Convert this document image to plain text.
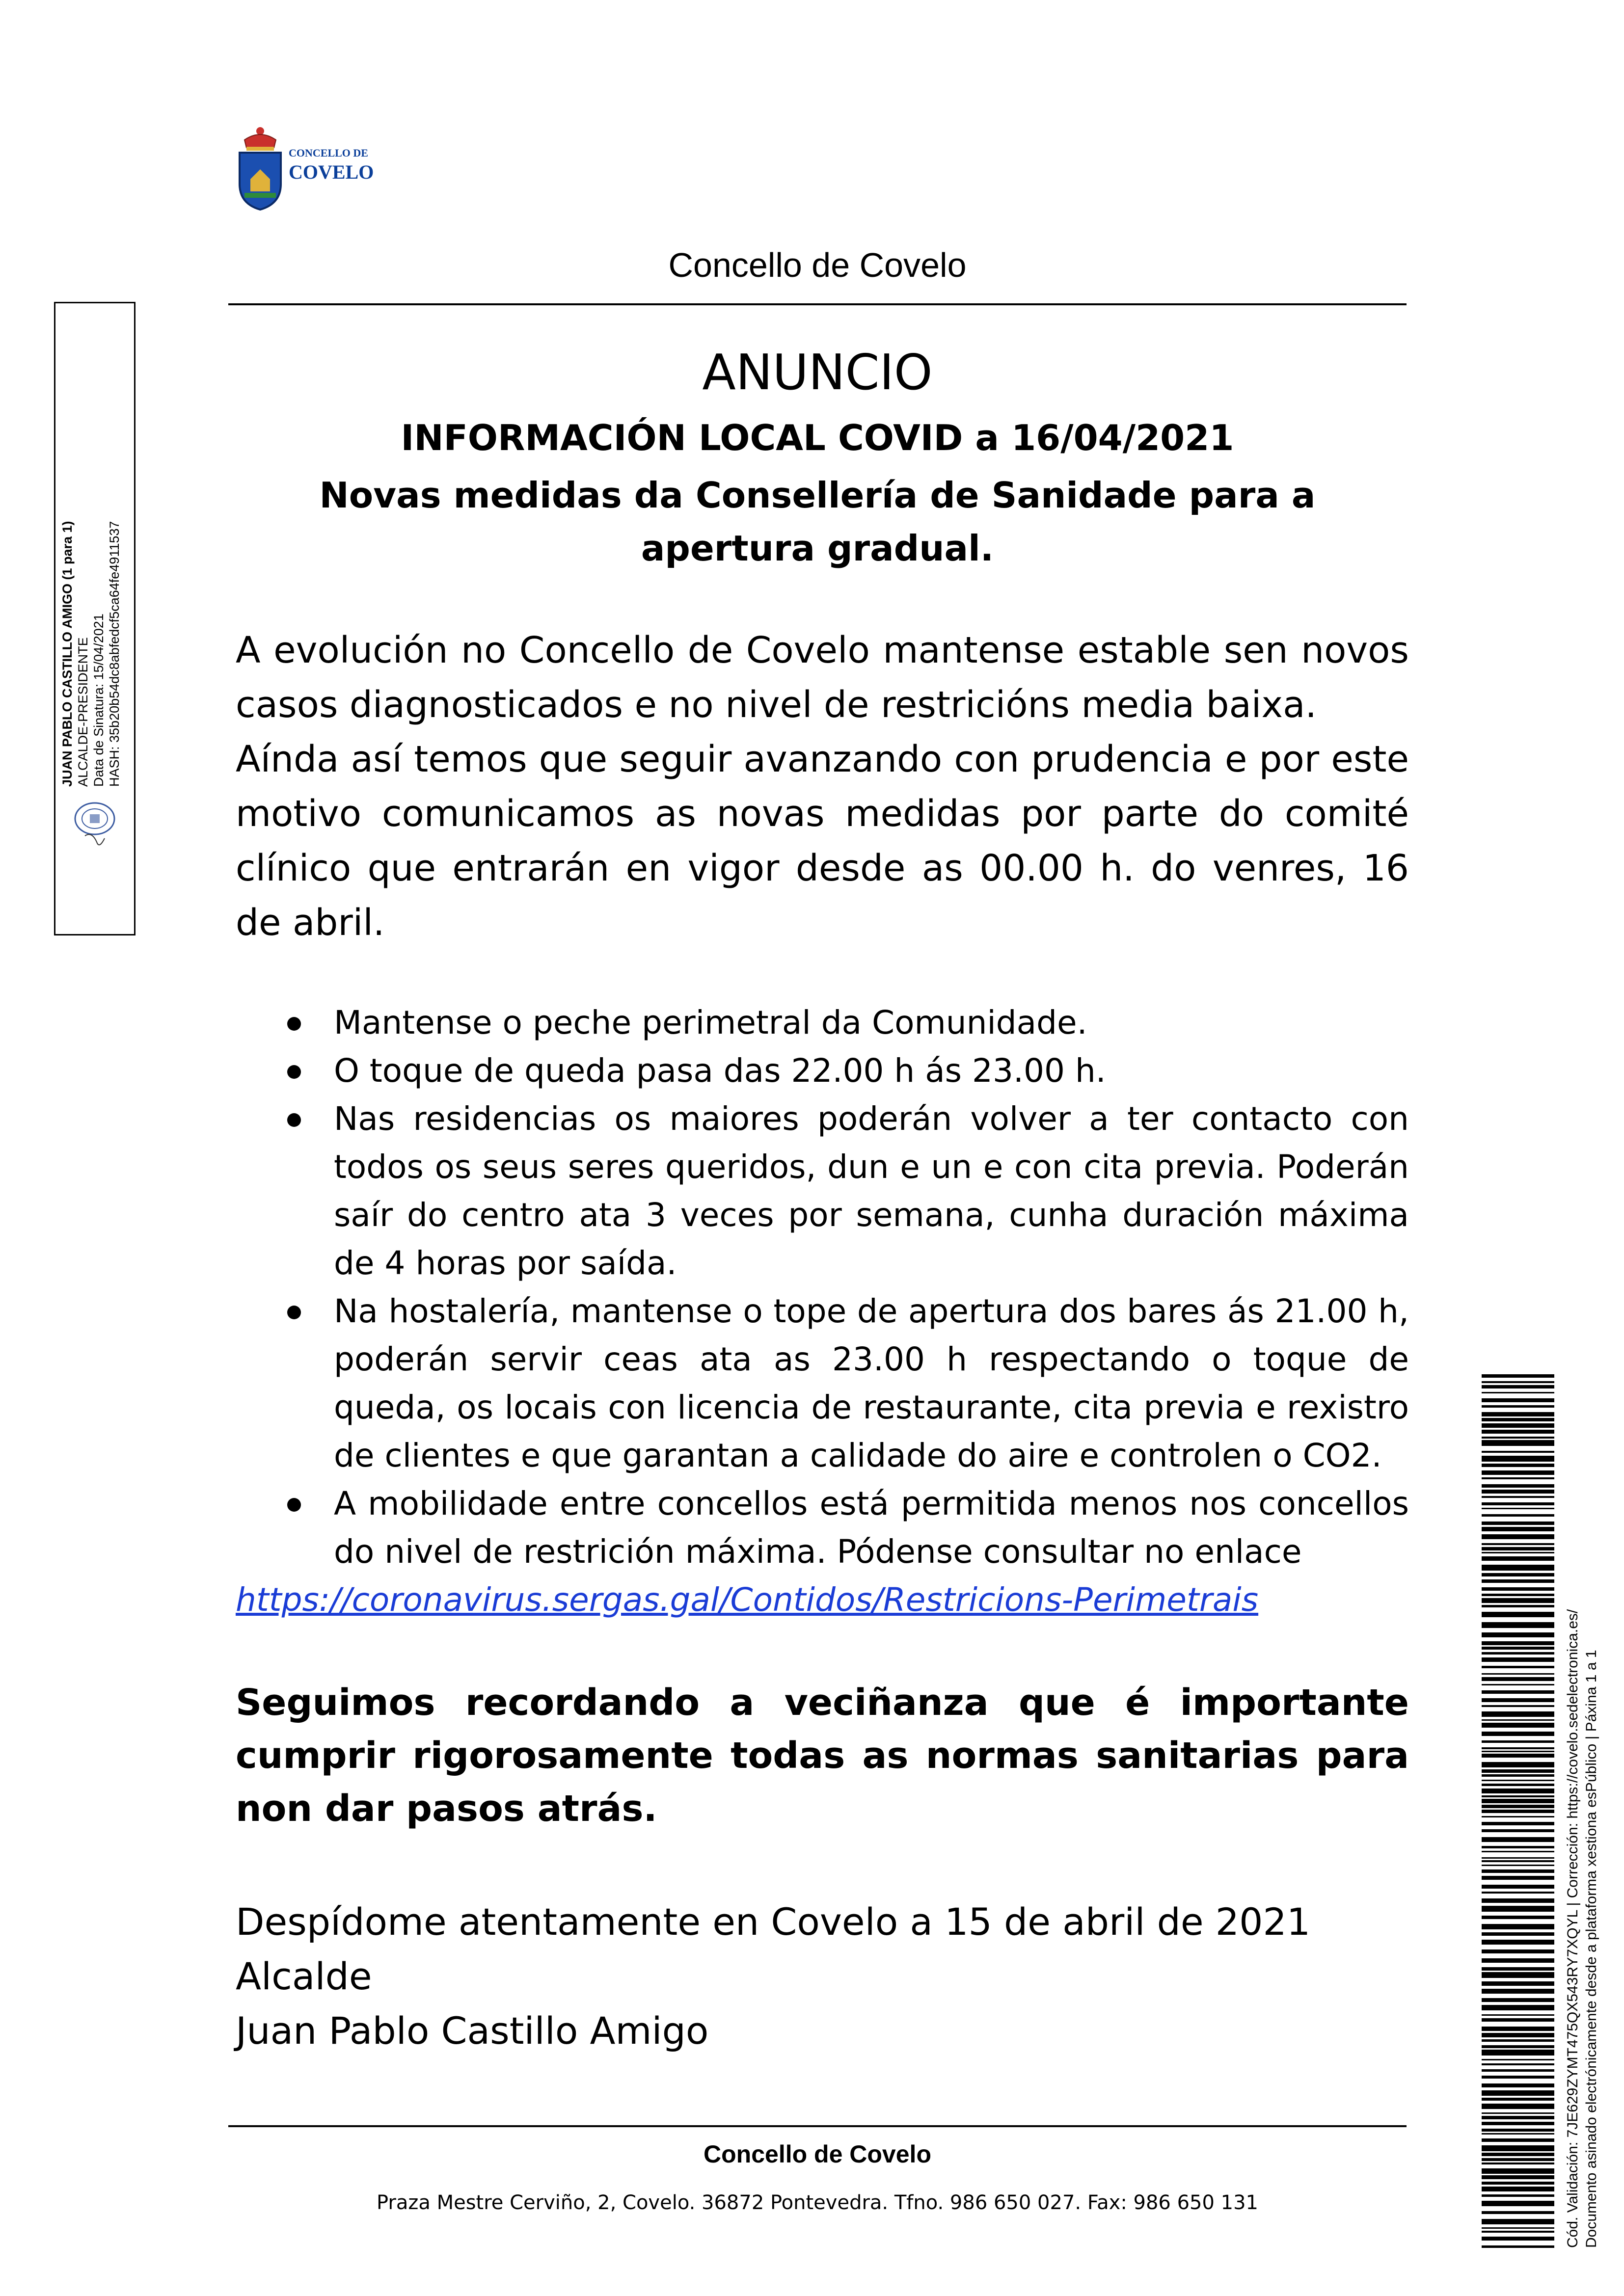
CONCELLO DE
COVELO
Concello de Covelo
ANUNCIO
INFORMACIÓN LOCAL COVID a 16/04/2021
Novas medidas da Consellería de Sanidade para a apertura gradual.
A evolución no Concello de Covelo mantense estable sen novos casos diagnosticados e no nivel de restricións media baixa.
Aínda así temos que seguir avanzando con prudencia e por este motivo comunicamos as novas medidas por parte do comité clínico que entrarán en vigor desde as 00.00 h. do venres, 16 de abril.
Mantense o peche perimetral da Comunidade.
O toque de queda pasa das 22.00 h ás 23.00 h.
Nas residencias os maiores poderán volver a ter contacto con todos os seus seres queridos, dun e un e con cita previa. Poderán saír do centro ata 3 veces por semana, cunha duración máxima de 4 horas por saída.
Na hostalería, mantense o tope de apertura dos bares ás 21.00 h, poderán servir ceas ata as 23.00 h respectando o toque de queda, os locais con licencia de restaurante, cita previa e rexistro de clientes e que garantan a calidade do aire e controlen o CO2.
A mobilidade entre concellos está permitida menos nos concellos do nivel de restrición máxima. Pódense consultar no enlace
https://coronavirus.sergas.gal/Contidos/Restricions-Perimetrais
Seguimos recordando a veciñanza que é importante cumprir rigorosamente todas as normas sanitarias para non dar pasos atrás.
Despídome atentamente en Covelo a 15 de abril de 2021
Alcalde
Juan Pablo Castillo Amigo
Concello de Covelo
Praza Mestre Cerviño, 2, Covelo. 36872 Pontevedra. Tfno. 986 650 027. Fax: 986 650 131
JUAN PABLO CASTILLO AMIGO (1 para 1) ALCALDE-PRESIDENTE Data de Sinatura: 15/04/2021 HASH: 35b20b54dc8abfedcf5ca64fe4911537
Cód. Validación: 7JE629ZYMT475QX543RY7XQYL | Corrección: https://covelo.sedelectronica.es/ Documento asinado electrónicamente desde a plataforma xestiona esPúblico | Páxina 1 a 1
